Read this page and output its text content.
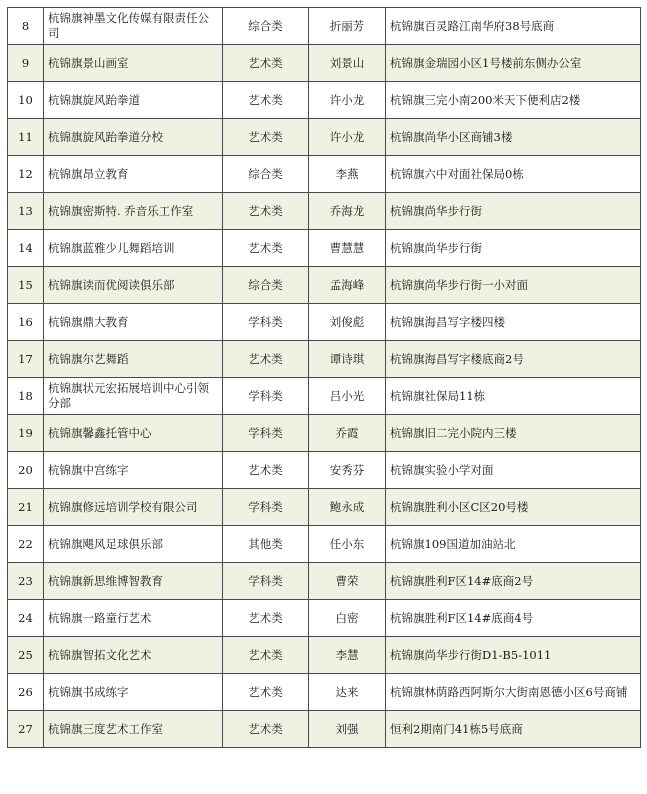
8	杭锦旗神墨文化传媒有限责任公司	综合类	折丽芳	杭锦旗百灵路江南华府38号底商
9	杭锦旗景山画室	艺术类	刘景山	杭锦旗金瑞园小区1号楼前东侧办公室
10	杭锦旗旋风跆拳道	艺术类	许小龙	杭锦旗三完小南200米天下便利店2楼
11	杭锦旗旋风跆拳道分校	艺术类	许小龙	杭锦旗尚华小区商铺3楼
12	杭锦旗昂立教育	综合类	李燕	杭锦旗六中对面社保局0栋
13	杭锦旗密斯特. 乔音乐工作室	艺术类	乔海龙	杭锦旗尚华步行街
14	杭锦旗蓝雅少儿舞蹈培训	艺术类	曹慧慧	杭锦旗尚华步行街
15	杭锦旗读而优阅读俱乐部	综合类	孟海峰	杭锦旗尚华步行街一小对面
16	杭锦旗鼎大教育	学科类	刘俊彪	杭锦旗海昌写字楼四楼
17	杭锦旗尔艺舞蹈	艺术类	谭诗琪	杭锦旗海昌写字楼底商2号
18	杭锦旗状元宏拓展培训中心引领分部	学科类	吕小光	杭锦旗社保局11栋
19	杭锦旗馨鑫托管中心	学科类	乔霞	杭锦旗旧二完小院内三楼
20	杭锦旗中宫练字	艺术类	安秀芬	杭锦旗实验小学对面
21	杭锦旗修远培训学校有限公司	学科类	鲍永成	杭锦旗胜利小区C区20号楼
22	杭锦旗飓风足球俱乐部	其他类	任小东	杭锦旗109国道加油站北
23	杭锦旗新思维博智教育	学科类	曹荣	杭锦旗胜利F区14#底商2号
24	杭锦旗一路童行艺术	艺术类	白密	杭锦旗胜利F区14#底商4号
25	杭锦旗智拓文化艺术	艺术类	李慧	杭锦旗尚华步行街D1-B5-1011
26	杭锦旗书成练字	艺术类	达来	杭锦旗林荫路西阿斯尔大街南恩德小区6号商铺
27	杭锦旗三度艺术工作室	艺术类	刘强	恒利2期南门41栋5号底商
